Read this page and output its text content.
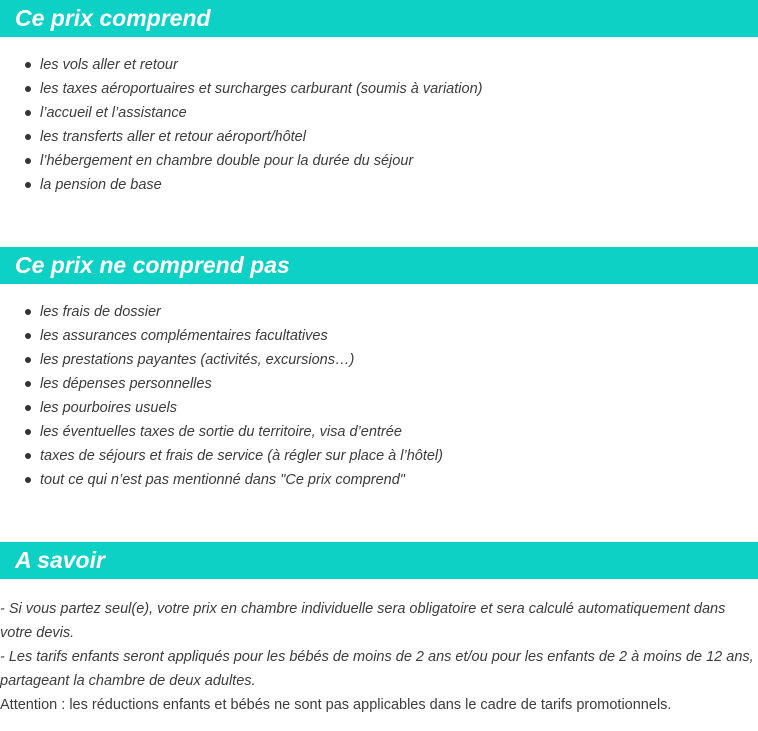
Ce prix comprend
les vols aller et retour
les taxes aéroportuaires et surcharges carburant (soumis à variation)
l’accueil et l’assistance
les transferts aller et retour aéroport/hôtel
l’hébergement en chambre double pour la durée du séjour
la pension de base
Ce prix ne comprend pas
les frais de dossier
les assurances complémentaires facultatives
les prestations payantes (activités, excursions…)
les dépenses personnelles
les pourboires usuels
les éventuelles taxes de sortie du territoire, visa d’entrée
taxes de séjours et frais de service (à régler sur place à l’hôtel)
tout ce qui n’est pas mentionné dans "Ce prix comprend"
A savoir

- Si vous partez seul(e), votre prix en chambre individuelle sera obligatoire et sera calculé automatiquement dans votre devis.

- Les tarifs enfants seront appliqués pour les bébés de moins de 2 ans et/ou pour les enfants de 2 à moins de 12 ans, partageant la chambre de deux adultes.

Attention : les réductions enfants et bébés ne sont pas applicables dans le cadre de tarifs promotionnels.
